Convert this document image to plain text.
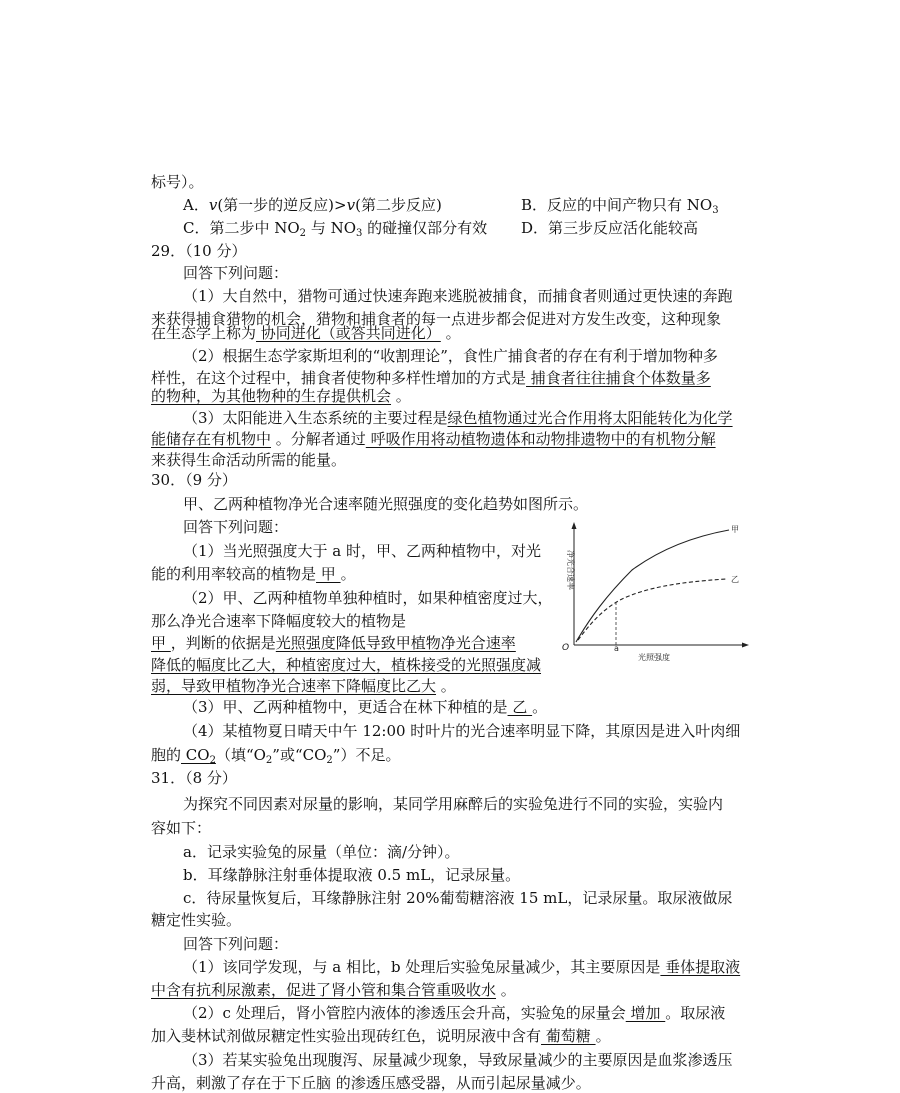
标号）。
A．v(第一步的逆反应)>v(第二步反应)	B．反应的中间产物只有 $NO_3$
C．第二步中 $NO_2$ 与 $NO_3$ 的碰撞仅部分有效 D．第三步反应活化能较高
29．（10 分）
回答下列问题：
（1）大自然中，猎物可通过快速奔跑来逃脱被捕食，而捕食者则通过更快速的奔跑
来获得捕食猎物的机会，猎物和捕食者的每一点进步都会促进对方发生改变，这种现象
在生态学上称为 协同进化（或答共同进化） 。
（2）根据生态学家斯坦利的“收割理论”，食性广捕食者的存在有利于增加物种多
样性，在这个过程中，捕食者使物种多样性增加的方式是 捕食者往往捕食个体数量多
的物种，为其他物种的生存提供机会 。
（3）太阳能进入生态系统的主要过程是绿色植物通过光合作用将太阳能转化为化学
能储存在有机物中 。分解者通过 呼吸作用将动植物遗体和动物排遗物中的有机物分解
来获得生命活动所需的能量。
30．（9 分）
甲、乙两种植物净光合速率随光照强度的变化趋势如图所示。
回答下列问题：
（1）当光照强度大于 a 时，甲、乙两种植物中，对光
能的利用率较高的植物是 甲 。
（2）甲、乙两种植物单独种植时，如果种植密度过大，
那么净光合速率下降幅度较大的植物是
甲 ，判断的依据是光照强度降低导致甲植物净光合速率
降低的幅度比乙大，种植密度过大，植株接受的光照强度减
弱，导致甲植物净光合速率下降幅度比乙大 。
（3）甲、乙两种植物中，更适合在林下种植的是 乙 。
（4）某植物夏日晴天中午 12:00 时叶片的光合速率明显下降，其原因是进入叶肉细
胞的 $CO_2$（填“$O_2$”或“$CO_2$”）不足。
31．（8 分）
为探究不同因素对尿量的影响，某同学用麻醉后的实验兔进行不同的实验，实验内
容如下：
a．记录实验兔的尿量（单位：滴/分钟）。
b．耳缘静脉注射垂体提取液 0.5 mL，记录尿量。
c．待尿量恢复后，耳缘静脉注射 20%葡萄糖溶液 15 mL，记录尿量。取尿液做尿
糖定性实验。
回答下列问题：
（1）该同学发现，与 a 相比，b 处理后实验兔尿量减少，其主要原因是 垂体提取液
中含有抗利尿激素，促进了肾小管和集合管重吸收水 。
（2）c 处理后，肾小管腔内液体的渗透压会升高，实验兔的尿量会 增加 。取尿液
加入斐林试剂做尿糖定性实验出现砖红色，说明尿液中含有 葡萄糖 。
（3）若某实验兔出现腹泻、尿量减少现象，导致尿量减少的主要原因是血浆渗透压
升高，刺激了存在于下丘脑 的渗透压感受器，从而引起尿量减少。
甲
乙
净光合速率
O	a
光照强度
